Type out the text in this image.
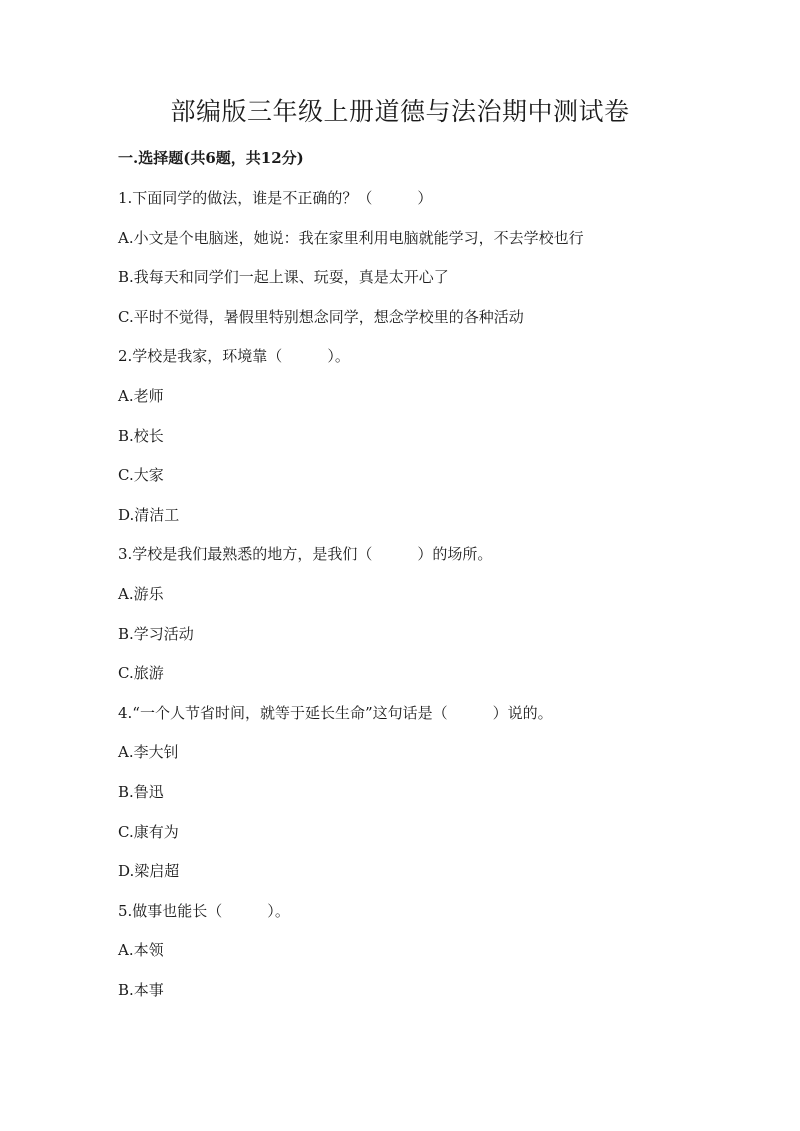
部编版三年级上册道德与法治期中测试卷
一.选择题(共6题，共12分)
1.下面同学的做法，谁是不正确的？（　　　）
A.小文是个电脑迷，她说：我在家里利用电脑就能学习，不去学校也行
B.我每天和同学们一起上课、玩耍，真是太开心了
C.平时不觉得，暑假里特别想念同学，想念学校里的各种活动
2.学校是我家，环境靠（　　　）。
A.老师
B.校长
C.大家
D.清洁工
3.学校是我们最熟悉的地方，是我们（　　　）的场所。
A.游乐
B.学习活动
C.旅游
4.“一个人节省时间，就等于延长生命”这句话是（　　　）说的。
A.李大钊
B.鲁迅
C.康有为
D.梁启超
5.做事也能长（　　　）。
A.本领
B.本事
